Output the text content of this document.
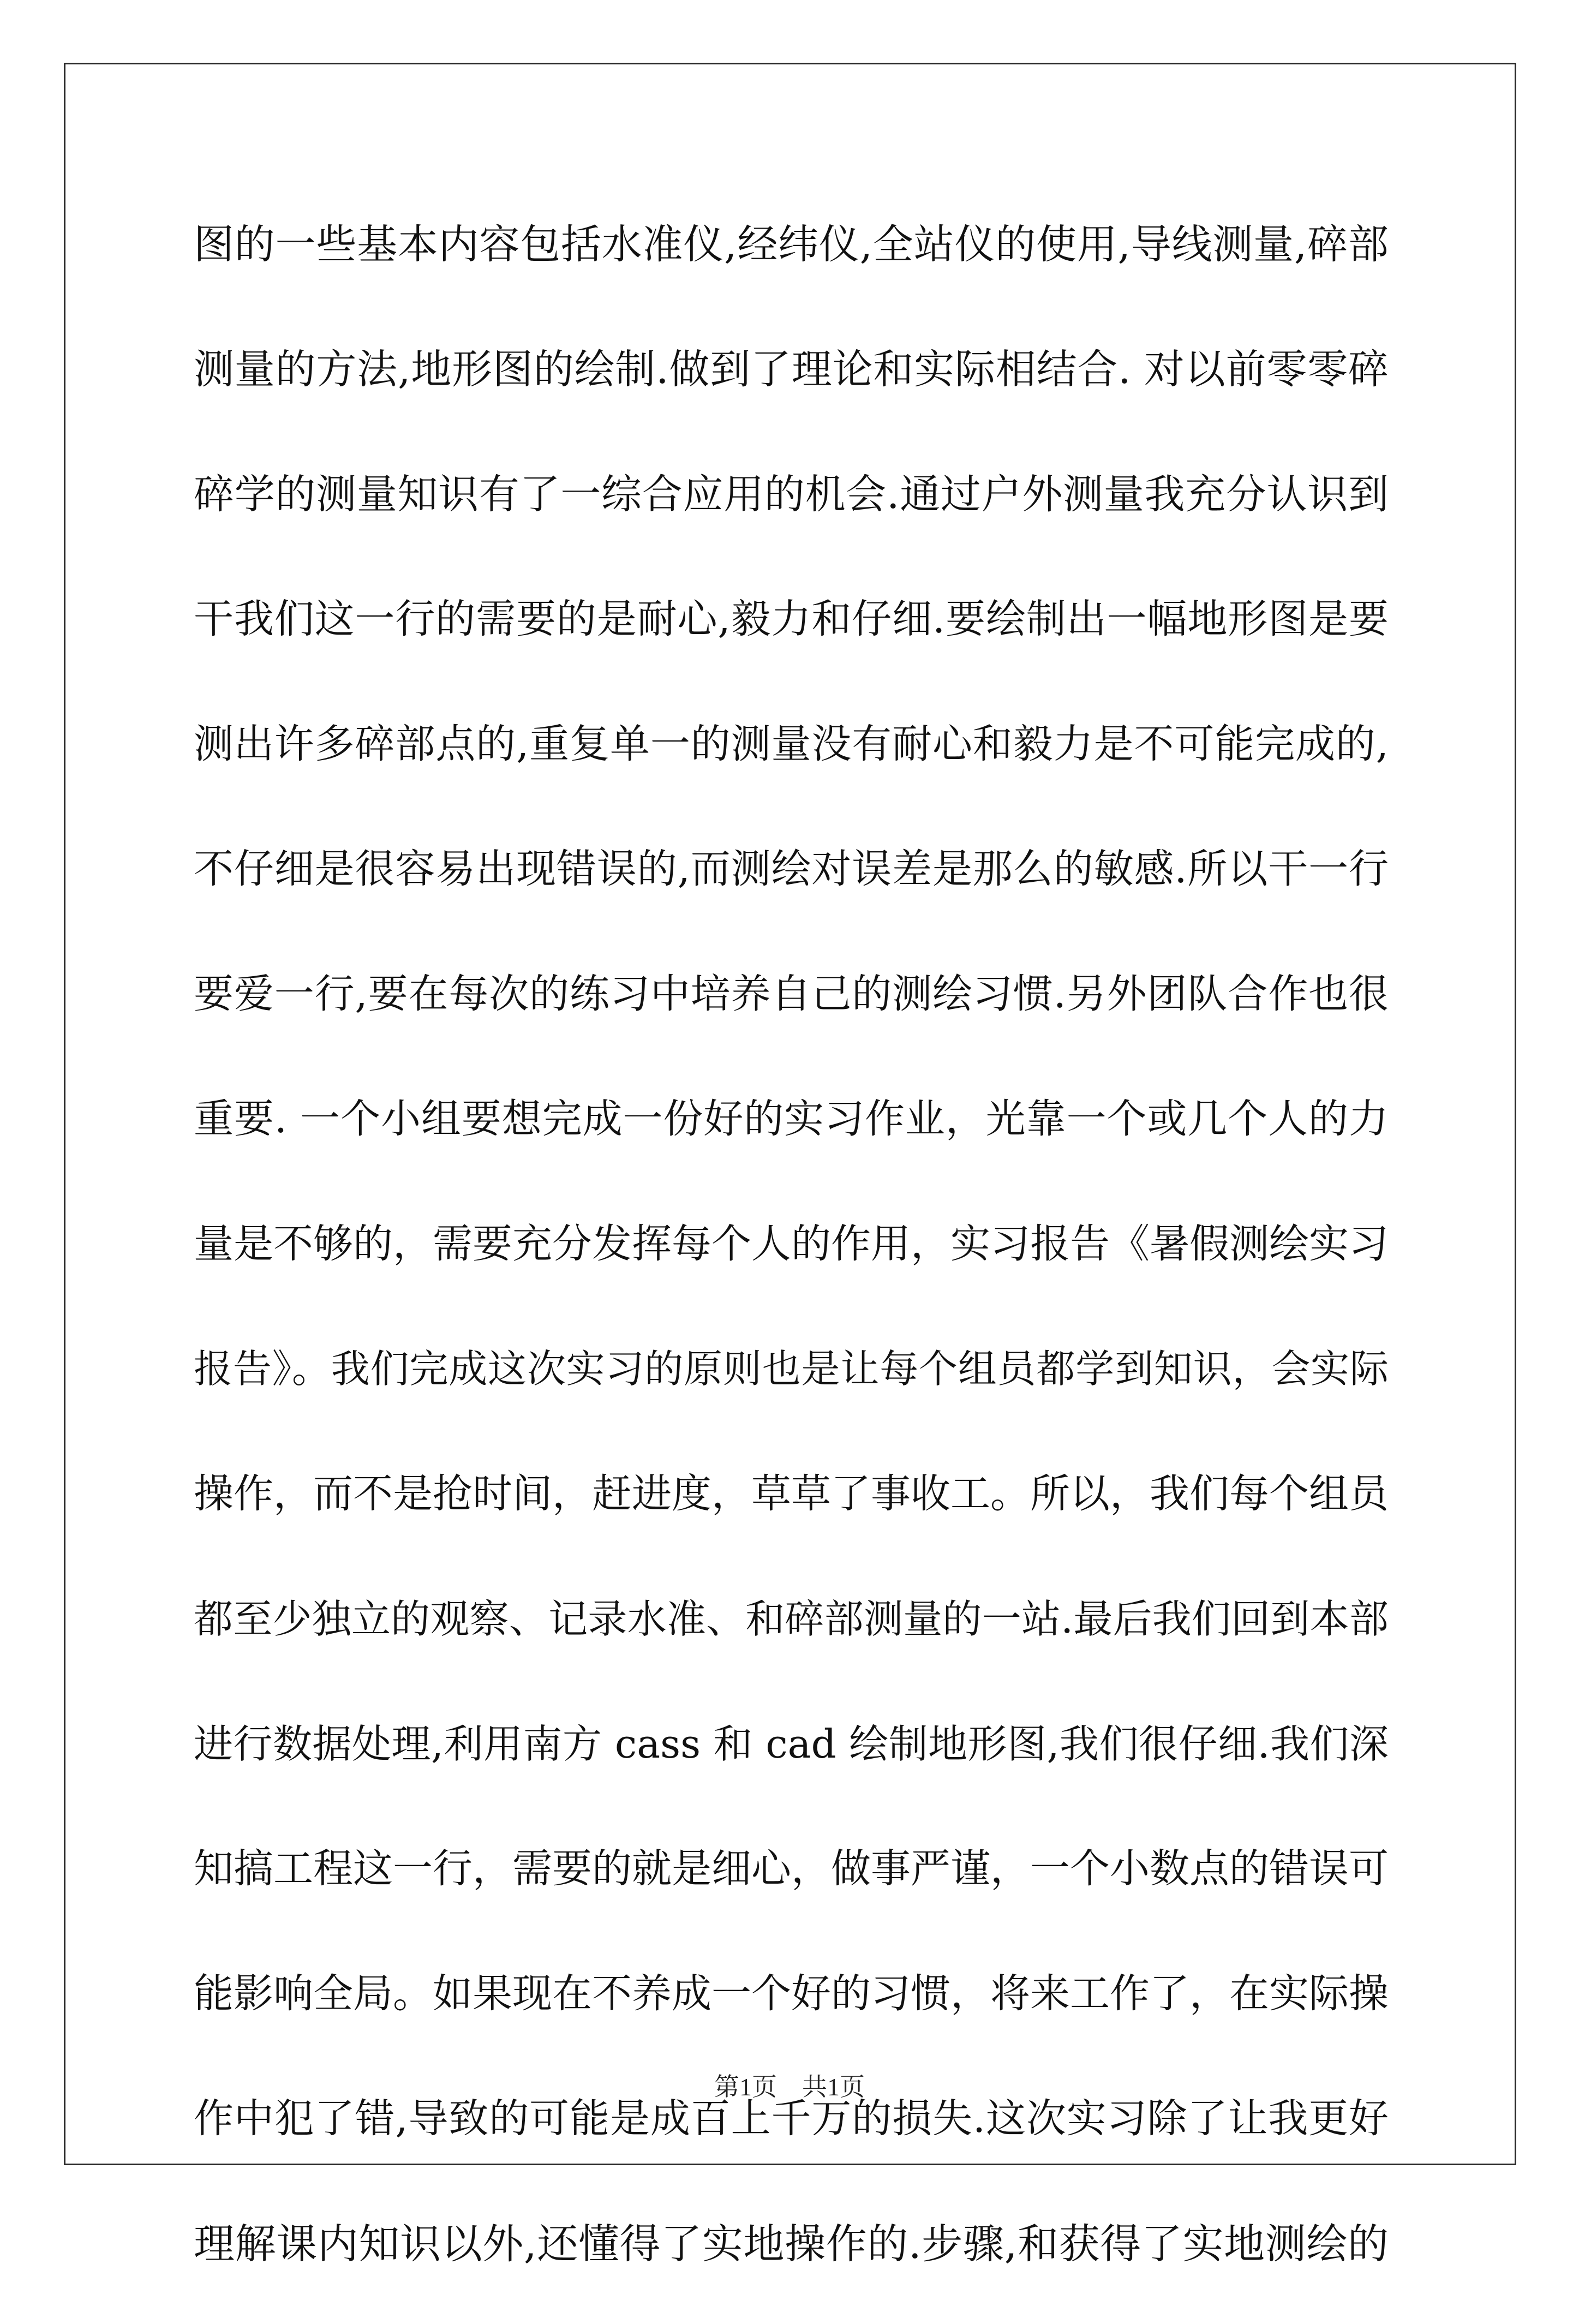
图的一些基本内容包括水准仪,经纬仪,全站仪的使用,导线测量,碎部
测量的方法,地形图的绘制.做到了理论和实际相结合. 对以前零零碎
碎学的测量知识有了一综合应用的机会.通过户外测量我充分认识到
干我们这一行的需要的是耐心,毅力和仔细.要绘制出一幅地形图是要
测出许多碎部点的,重复单一的测量没有耐心和毅力是不可能完成的,
不仔细是很容易出现错误的,而测绘对误差是那么的敏感.所以干一行
要爱一行,要在每次的练习中培养自己的测绘习惯.另外团队合作也很
重要. 一个小组要想完成一份好的实习作业，光靠一个或几个人的力
量是不够的，需要充分发挥每个人的作用，实习报告《暑假测绘实习
报告》。我们完成这次实习的原则也是让每个组员都学到知识，会实际
操作，而不是抢时间，赶进度，草草了事收工。所以，我们每个组员
都至少独立的观察、记录水准、和碎部测量的一站.最后我们回到本部
进行数据处理,利用南方 cass 和 cad 绘制地形图,我们很仔细.我们深
知搞工程这一行，需要的就是细心，做事严谨，一个小数点的错误可
能影响全局。如果现在不养成一个好的习惯，将来工作了，在实际操
作中犯了错,导致的可能是成百上千万的损失.这次实习除了让我更好
理解课内知识以外,还懂得了实地操作的.步骤,和获得了实地测绘的
第1页　共1页
